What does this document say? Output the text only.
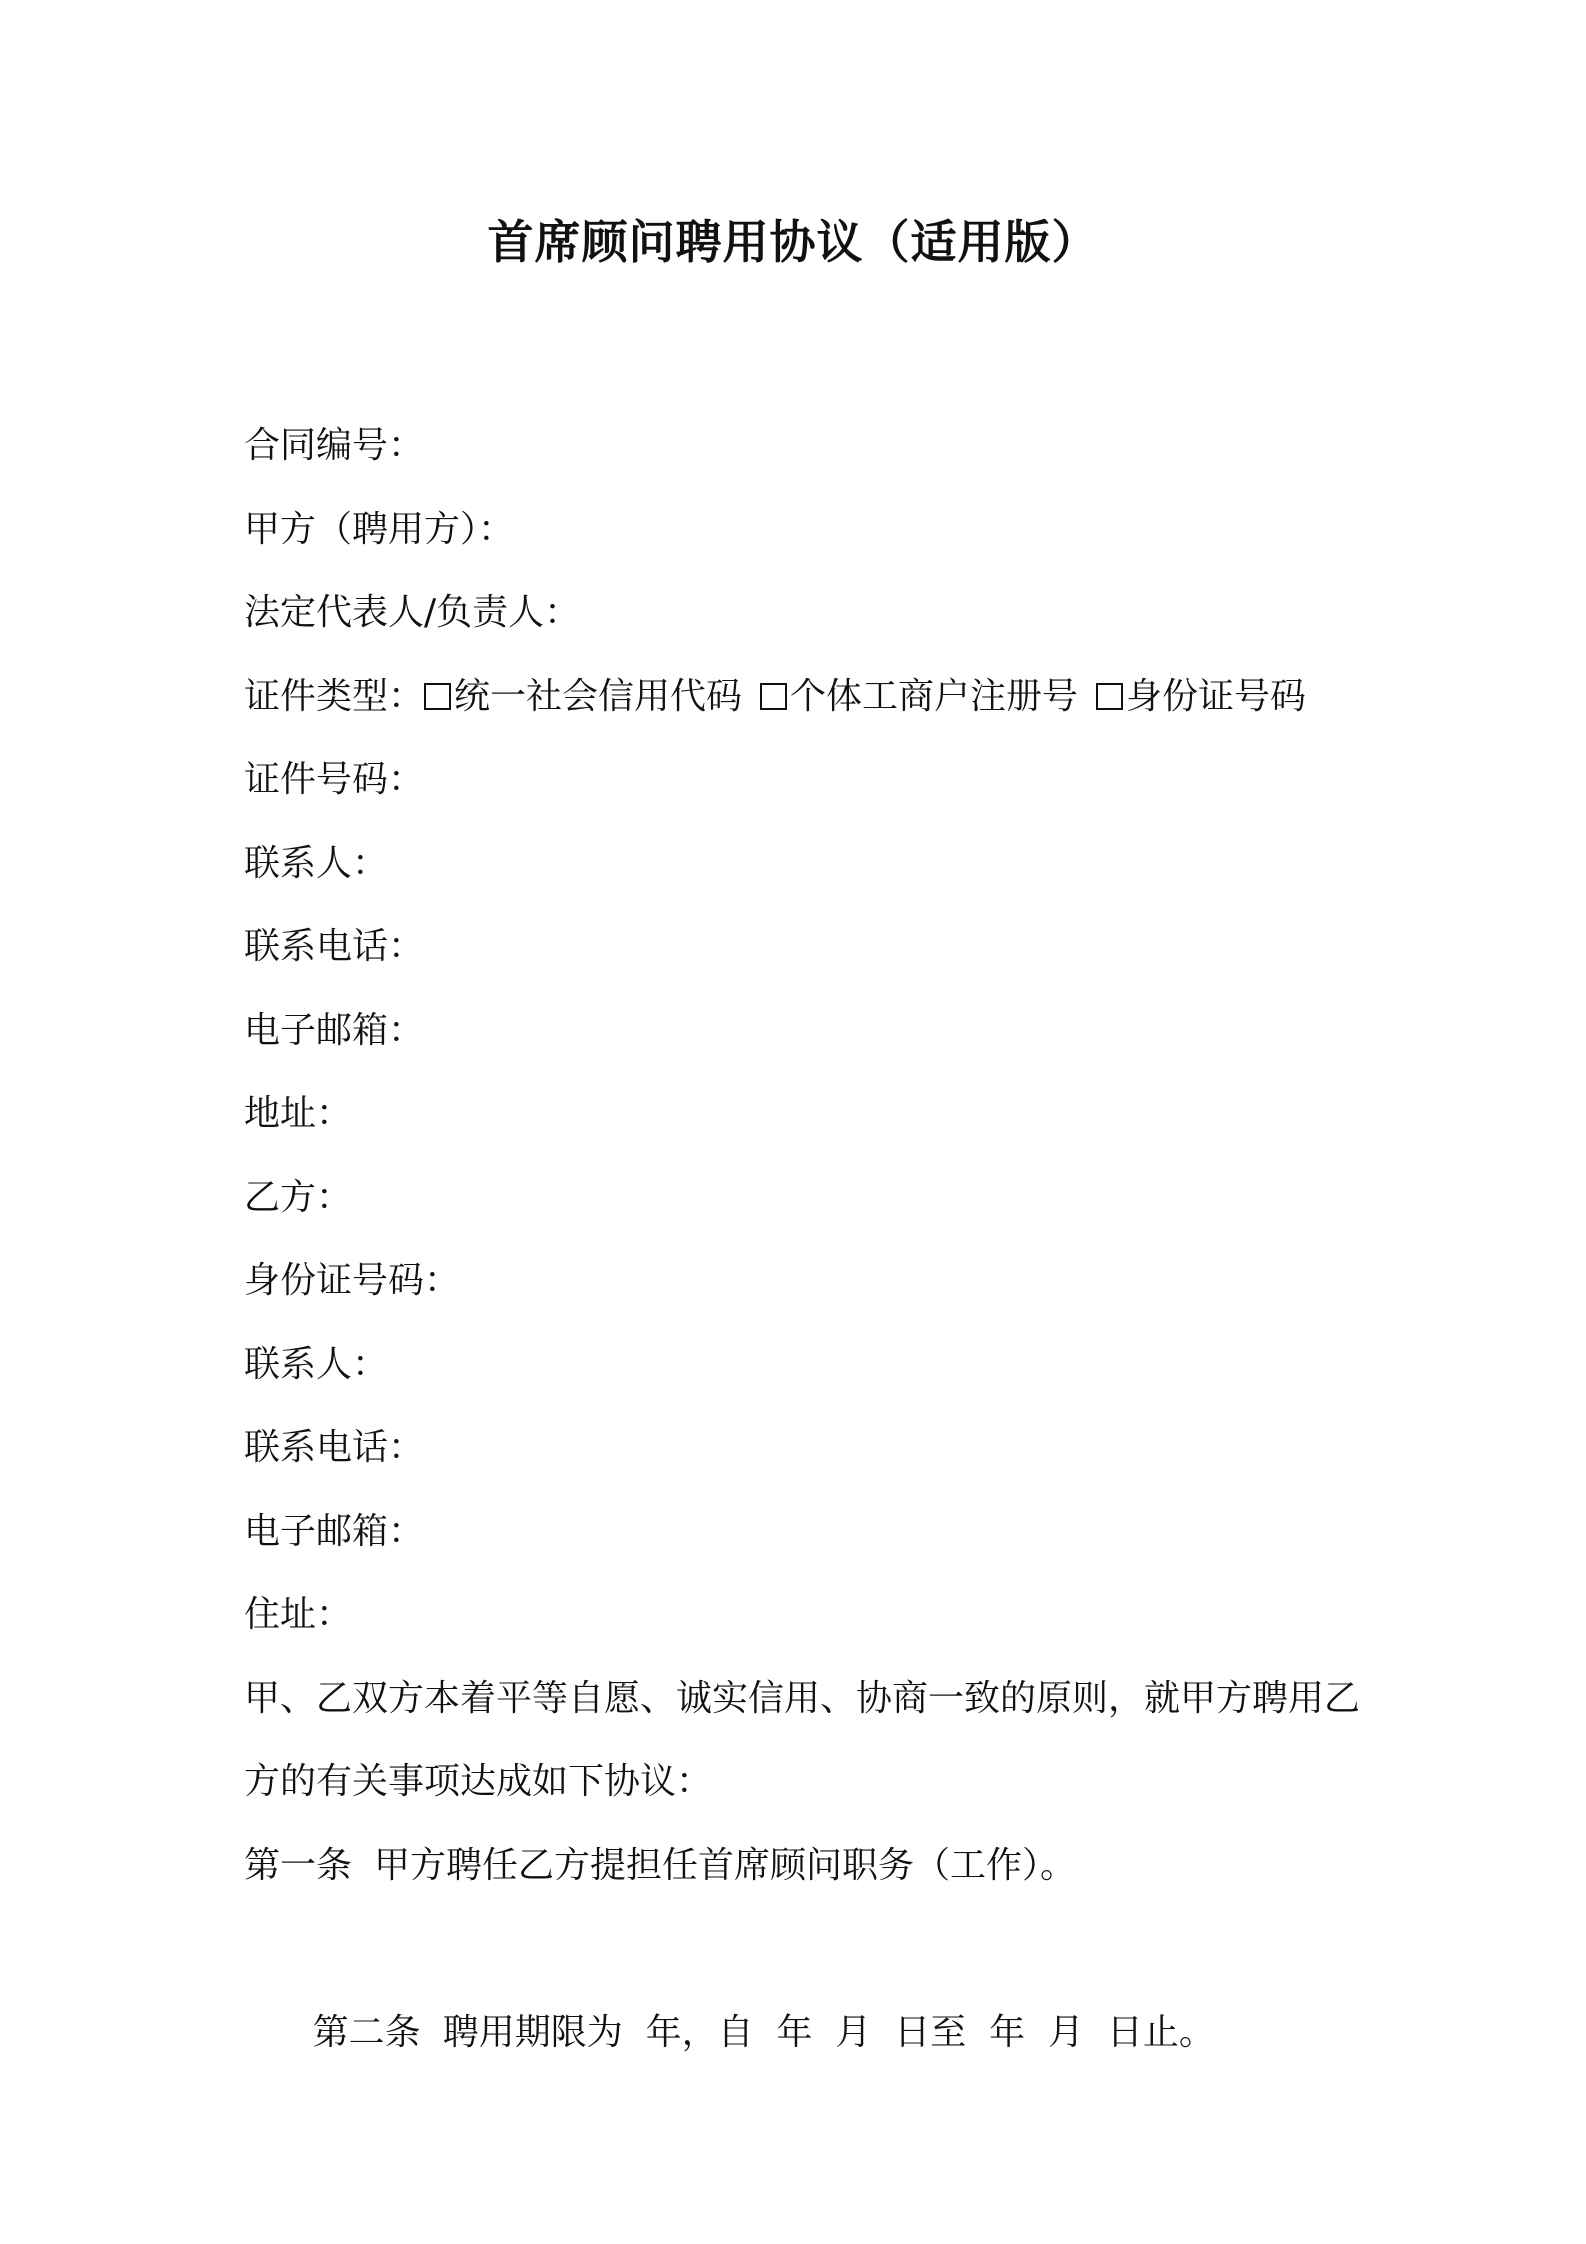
首席顾问聘用协议（适用版）
合同编号：
甲方（聘用方）：
法定代表人/负责人：
证件类型： 统一社会信用代码 个体工商户注册号 身份证号码
证件号码：
联系人：
联系电话：
电子邮箱：
地址：
乙方：
身份证号码：
联系人：
联系电话：
电子邮箱：
住址：
甲、乙双方本着平等自愿、诚实信用、协商一致的原则，就甲方聘用乙方的有关事项达成如下协议：
第一条 甲方聘任乙方提担任首席顾问职务（工作）。

第二条 聘用期限为  年，自  年  月  日至  年  月  日止。
